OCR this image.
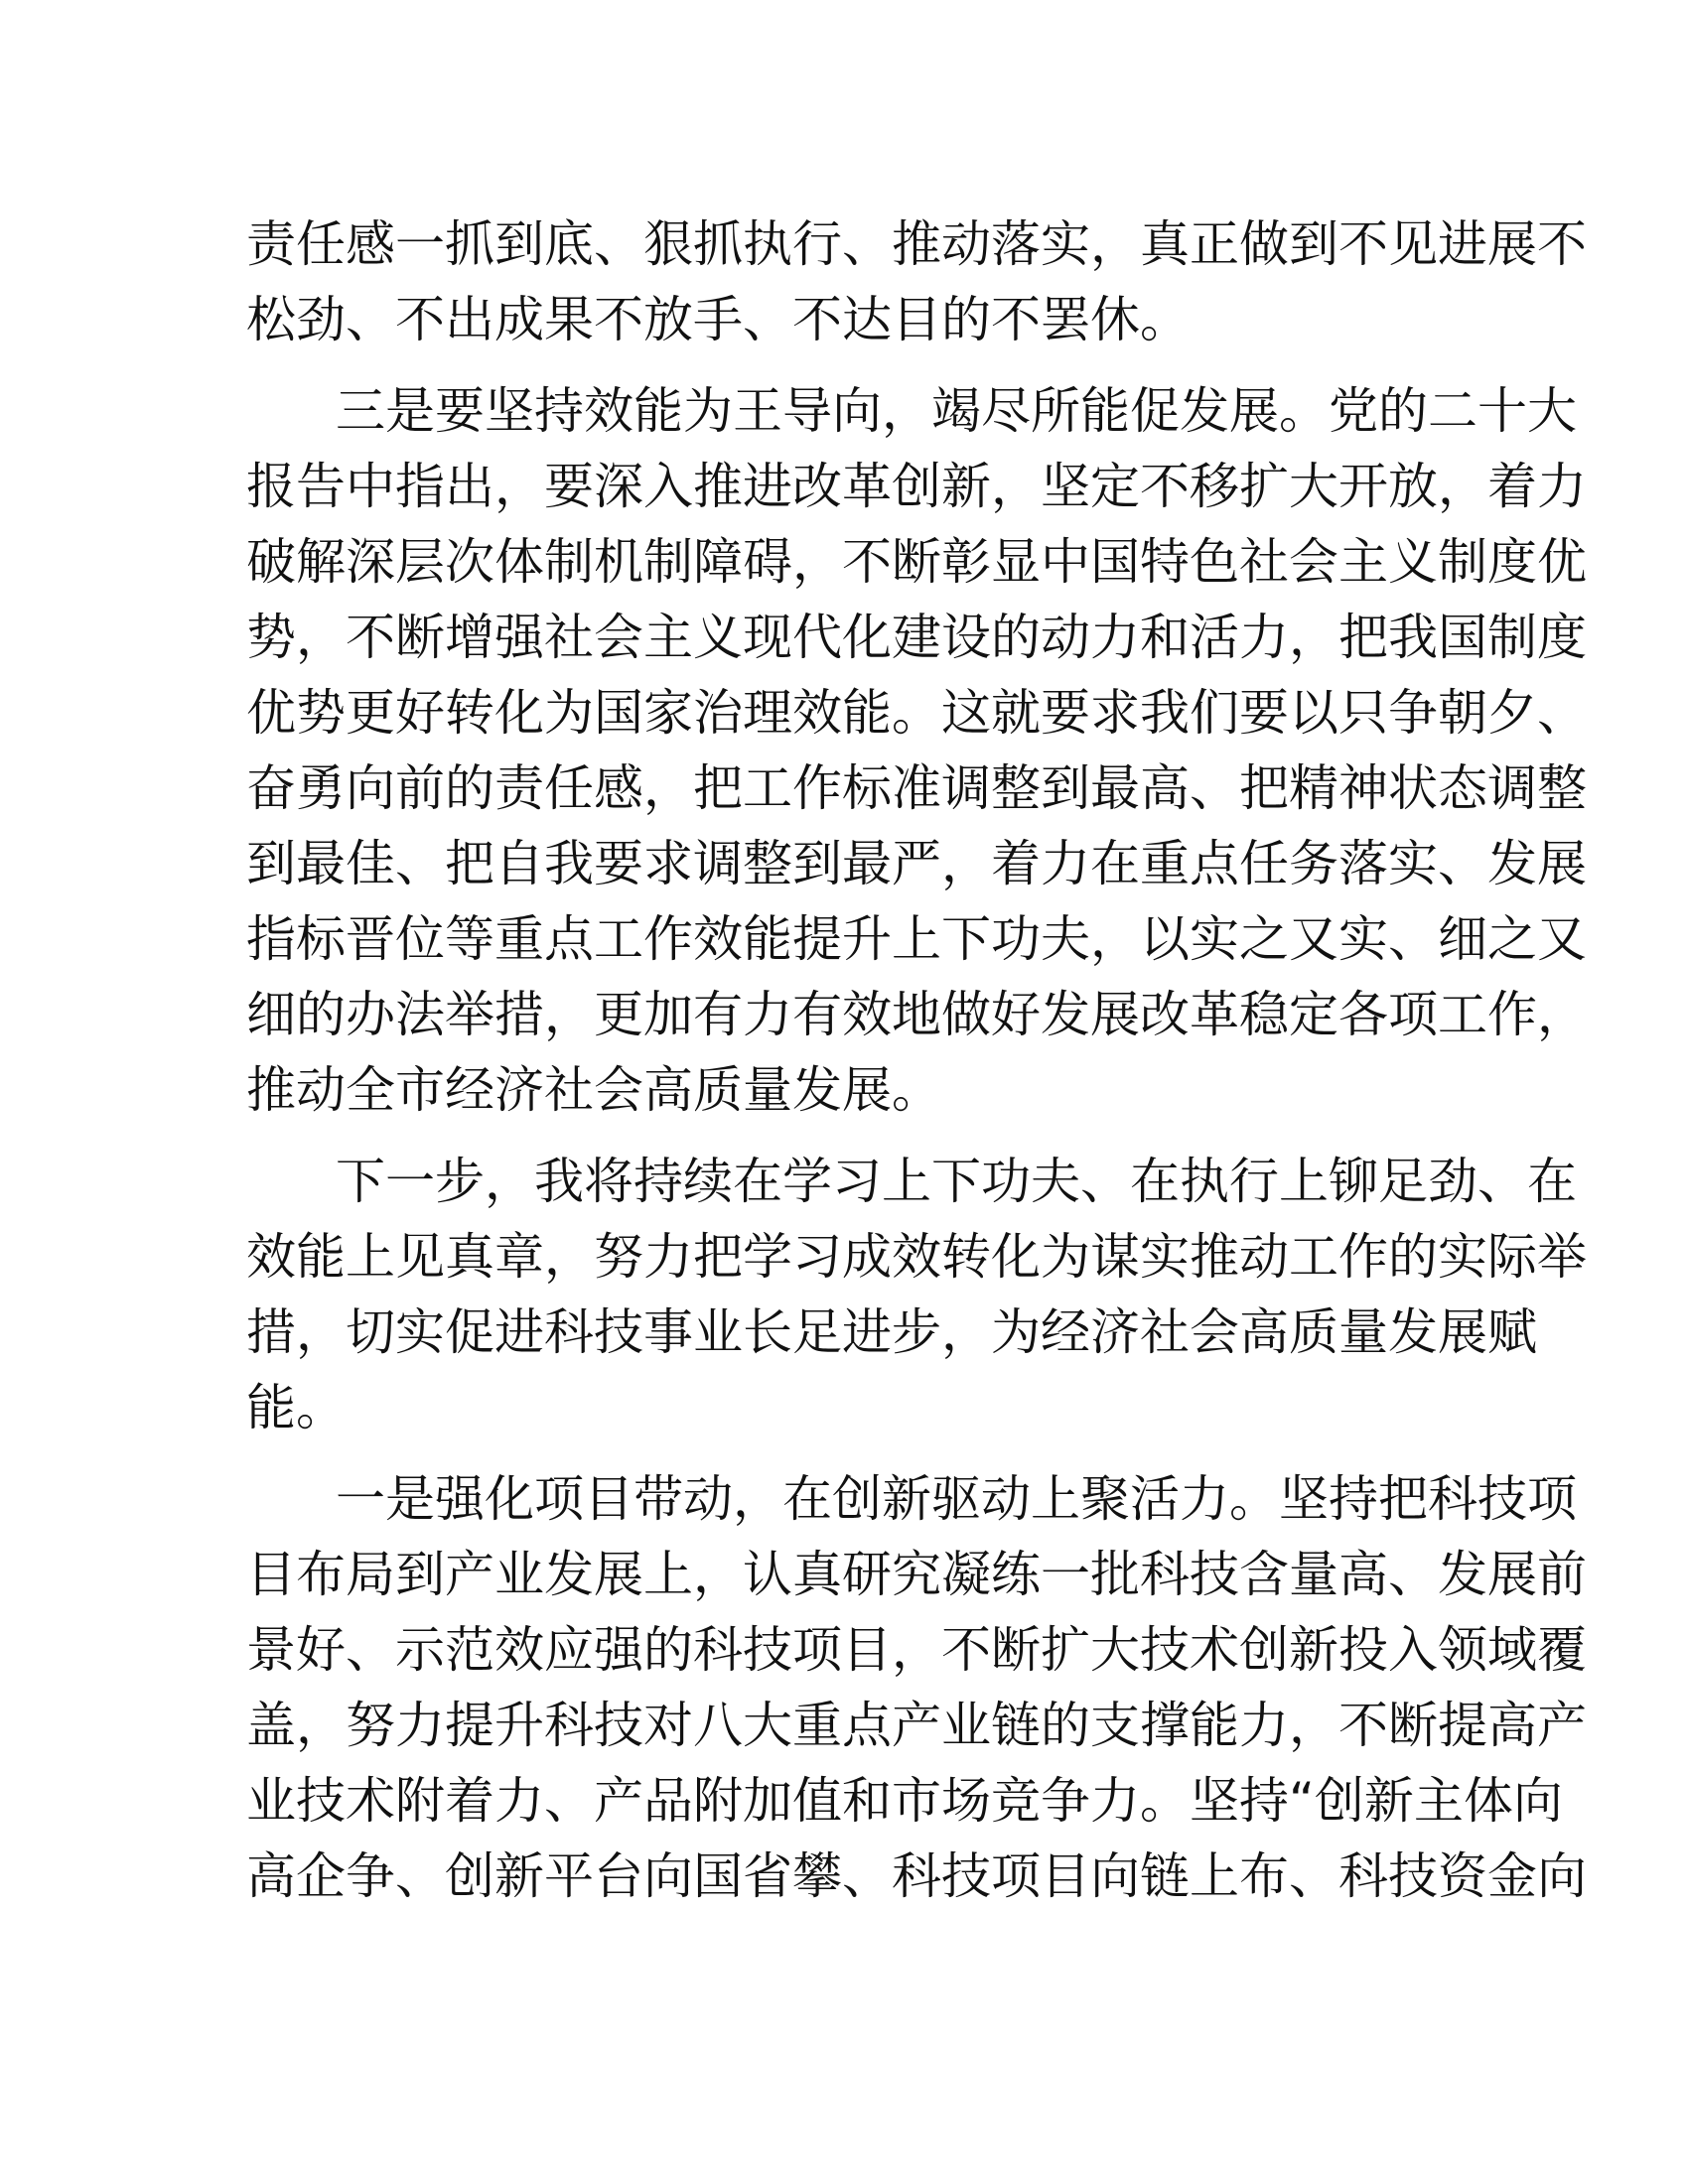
责任感一抓到底、狠抓执行、推动落实，真正做到不见进展不
松劲、不出成果不放手、不达目的不罢休。
三是要坚持效能为王导向，竭尽所能促发展。党的二十大
报告中指出，要深入推进改革创新，坚定不移扩大开放，着力
破解深层次体制机制障碍，不断彰显中国特色社会主义制度优
势，不断增强社会主义现代化建设的动力和活力，把我国制度
优势更好转化为国家治理效能。这就要求我们要以只争朝夕、
奋勇向前的责任感，把工作标准调整到最高、把精神状态调整
到最佳、把自我要求调整到最严，着力在重点任务落实、发展
指标晋位等重点工作效能提升上下功夫，以实之又实、细之又
细的办法举措，更加有力有效地做好发展改革稳定各项工作，
推动全市经济社会高质量发展。
下一步，我将持续在学习上下功夫、在执行上铆足劲、在
效能上见真章，努力把学习成效转化为谋实推动工作的实际举
措，切实促进科技事业长足进步，为经济社会高质量发展赋
能。
一是强化项目带动，在创新驱动上聚活力。坚持把科技项
目布局到产业发展上，认真研究凝练一批科技含量高、发展前
景好、示范效应强的科技项目，不断扩大技术创新投入领域覆
盖，努力提升科技对八大重点产业链的支撑能力，不断提高产
业技术附着力、产品附加值和市场竞争力。坚持“创新主体向
高企争、创新平台向国省攀、科技项目向链上布、科技资金向
